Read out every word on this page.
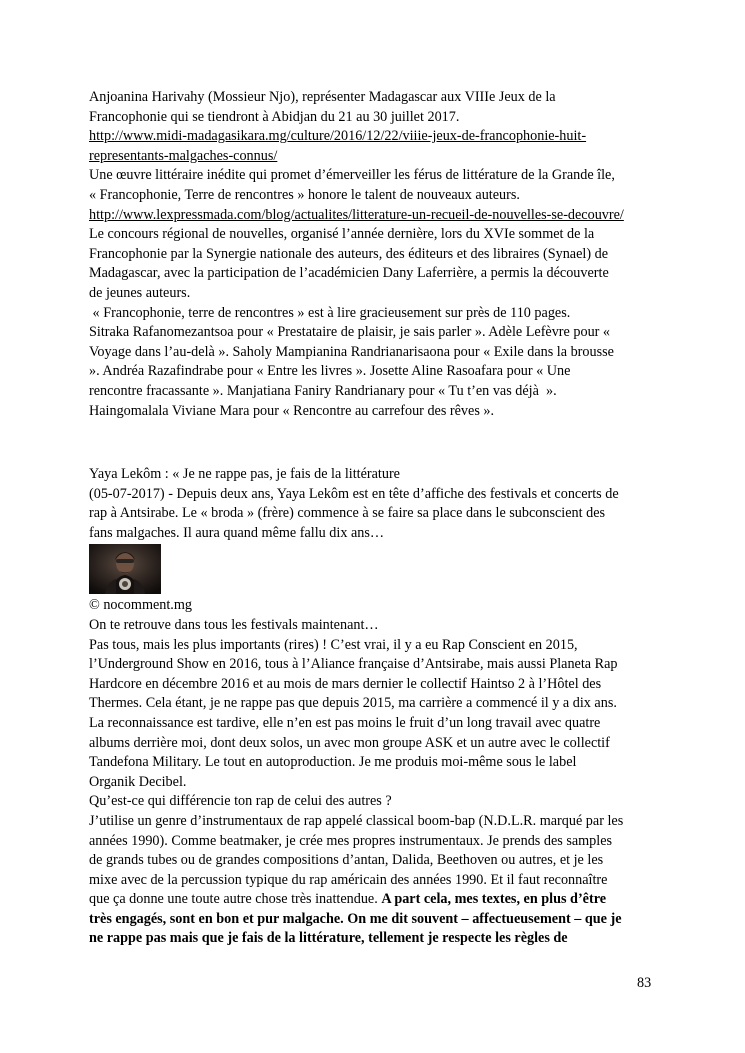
Anjoanina Harivahy (Mossieur Njo), représenter Madagascar aux VIIIe Jeux de la
Francophonie qui se tiendront à Abidjan du 21 au 30 juillet 2017.
http://www.midi-madagasikara.mg/culture/2016/12/22/viiie-jeux-de-francophonie-huit-
representants-malgaches-connus/
Une œuvre littéraire inédite qui promet d’émerveiller les férus de littérature de la Grande île,
« Francophonie, Terre de rencontres » honore le talent de nouveaux auteurs.
http://www.lexpressmada.com/blog/actualites/litterature-un-recueil-de-nouvelles-se-decouvre/
Le concours régional de nouvelles, organisé l’année dernière, lors du XVIe sommet de la
Francophonie par la Synergie nationale des auteurs, des éditeurs et des libraires (Synael) de
Madagascar, avec la participation de l’académicien Dany Laferrière, a permis la découverte
de jeunes auteurs.
« Francophonie, terre de rencontres » est à lire gracieusement sur près de 110 pages.
Sitraka Rafanomezantsoa pour « Prestataire de plaisir, je sais parler ». Adèle Lefèvre pour «
Voyage dans l’au-delà ». Saholy Mampianina Randrianarisaona pour « Exile dans la brousse
». Andréa Razafindrabe pour « Entre les livres ». Josette Aline Rasoafara pour « Une
rencontre fracassante ». Manjatiana Faniry Randrianary pour « Tu t’en vas déjà  ».
Haingomalala Viviane Mara pour « Rencontre au carrefour des rêves ».
Yaya Lekôm : « Je ne rappe pas, je fais de la littérature
(05-07-2017) - Depuis deux ans, Yaya Lekôm est en tête d’affiche des festivals et concerts de
rap à Antsirabe. Le « broda » (frère) commence à se faire sa place dans le subconscient des
fans malgaches. Il aura quand même fallu dix ans…
© nocomment.mg
On te retrouve dans tous les festivals maintenant…
Pas tous, mais les plus importants (rires) ! C’est vrai, il y a eu Rap Conscient en 2015,
l’Underground Show en 2016, tous à l’Aliance française d’Antsirabe, mais aussi Planeta Rap
Hardcore en décembre 2016 et au mois de mars dernier le collectif Haintso 2 à l’Hôtel des
Thermes. Cela étant, je ne rappe pas que depuis 2015, ma carrière a commencé il y a dix ans.
La reconnaissance est tardive, elle n’en est pas moins le fruit d’un long travail avec quatre
albums derrière moi, dont deux solos, un avec mon groupe ASK et un autre avec le collectif
Tandefona Military. Le tout en autoproduction. Je me produis moi-même sous le label
Organik Decibel.
Qu’est-ce qui différencie ton rap de celui des autres ?
J’utilise un genre d’instrumentaux de rap appelé classical boom-bap (N.D.L.R. marqué par les
années 1990). Comme beatmaker, je crée mes propres instrumentaux. Je prends des samples
de grands tubes ou de grandes compositions d’antan, Dalida, Beethoven ou autres, et je les
mixe avec de la percussion typique du rap américain des années 1990. Et il faut reconnaître
que ça donne une toute autre chose très inattendue. A part cela, mes textes, en plus d’être
très engagés, sont en bon et pur malgache. On me dit souvent – affectueusement – que je
ne rappe pas mais que je fais de la littérature, tellement je respecte les règles de
83
